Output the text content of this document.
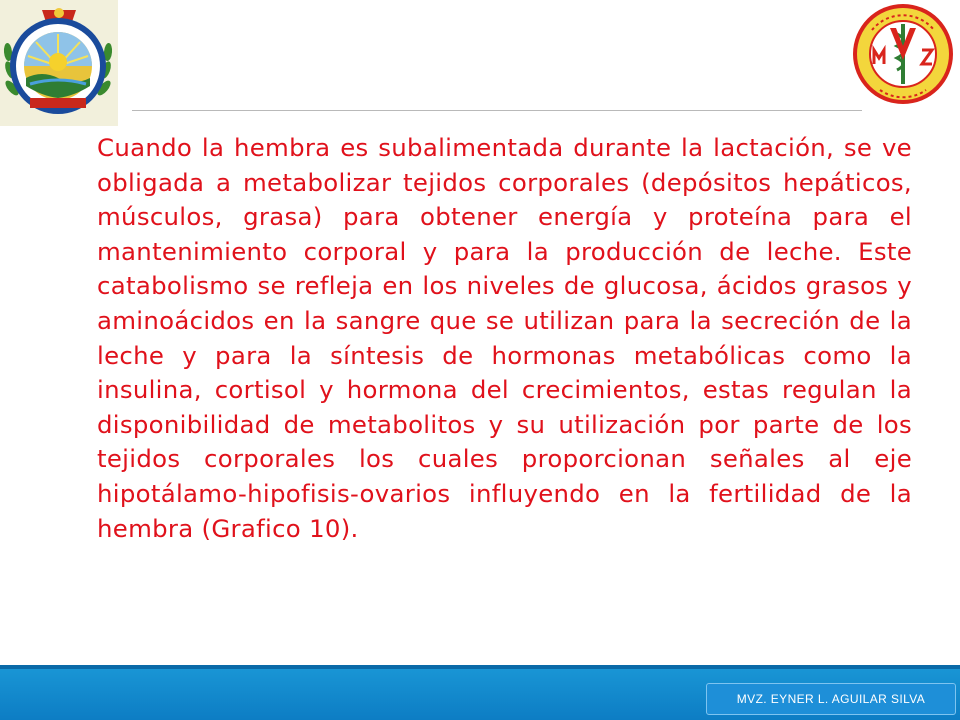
Cuando la hembra es subalimentada durante la lactación, se ve obligada a metabolizar tejidos corporales (depósitos hepáticos, músculos, grasa) para obtener energía y proteína para el mantenimiento corporal y para la producción de leche. Este catabolismo se refleja en los niveles de glucosa, ácidos grasos y aminoácidos en la sangre que se utilizan para la secreción de la leche y para la síntesis de hormonas metabólicas como la insulina, cortisol y hormona del crecimientos, estas regulan la disponibilidad de metabolitos y su utilización por parte de los tejidos corporales los cuales proporcionan señales al eje hipotálamo-hipofisis-ovarios influyendo en la fertilidad de la hembra (Grafico 10).

MVZ. EYNER L. AGUILAR SILVA
